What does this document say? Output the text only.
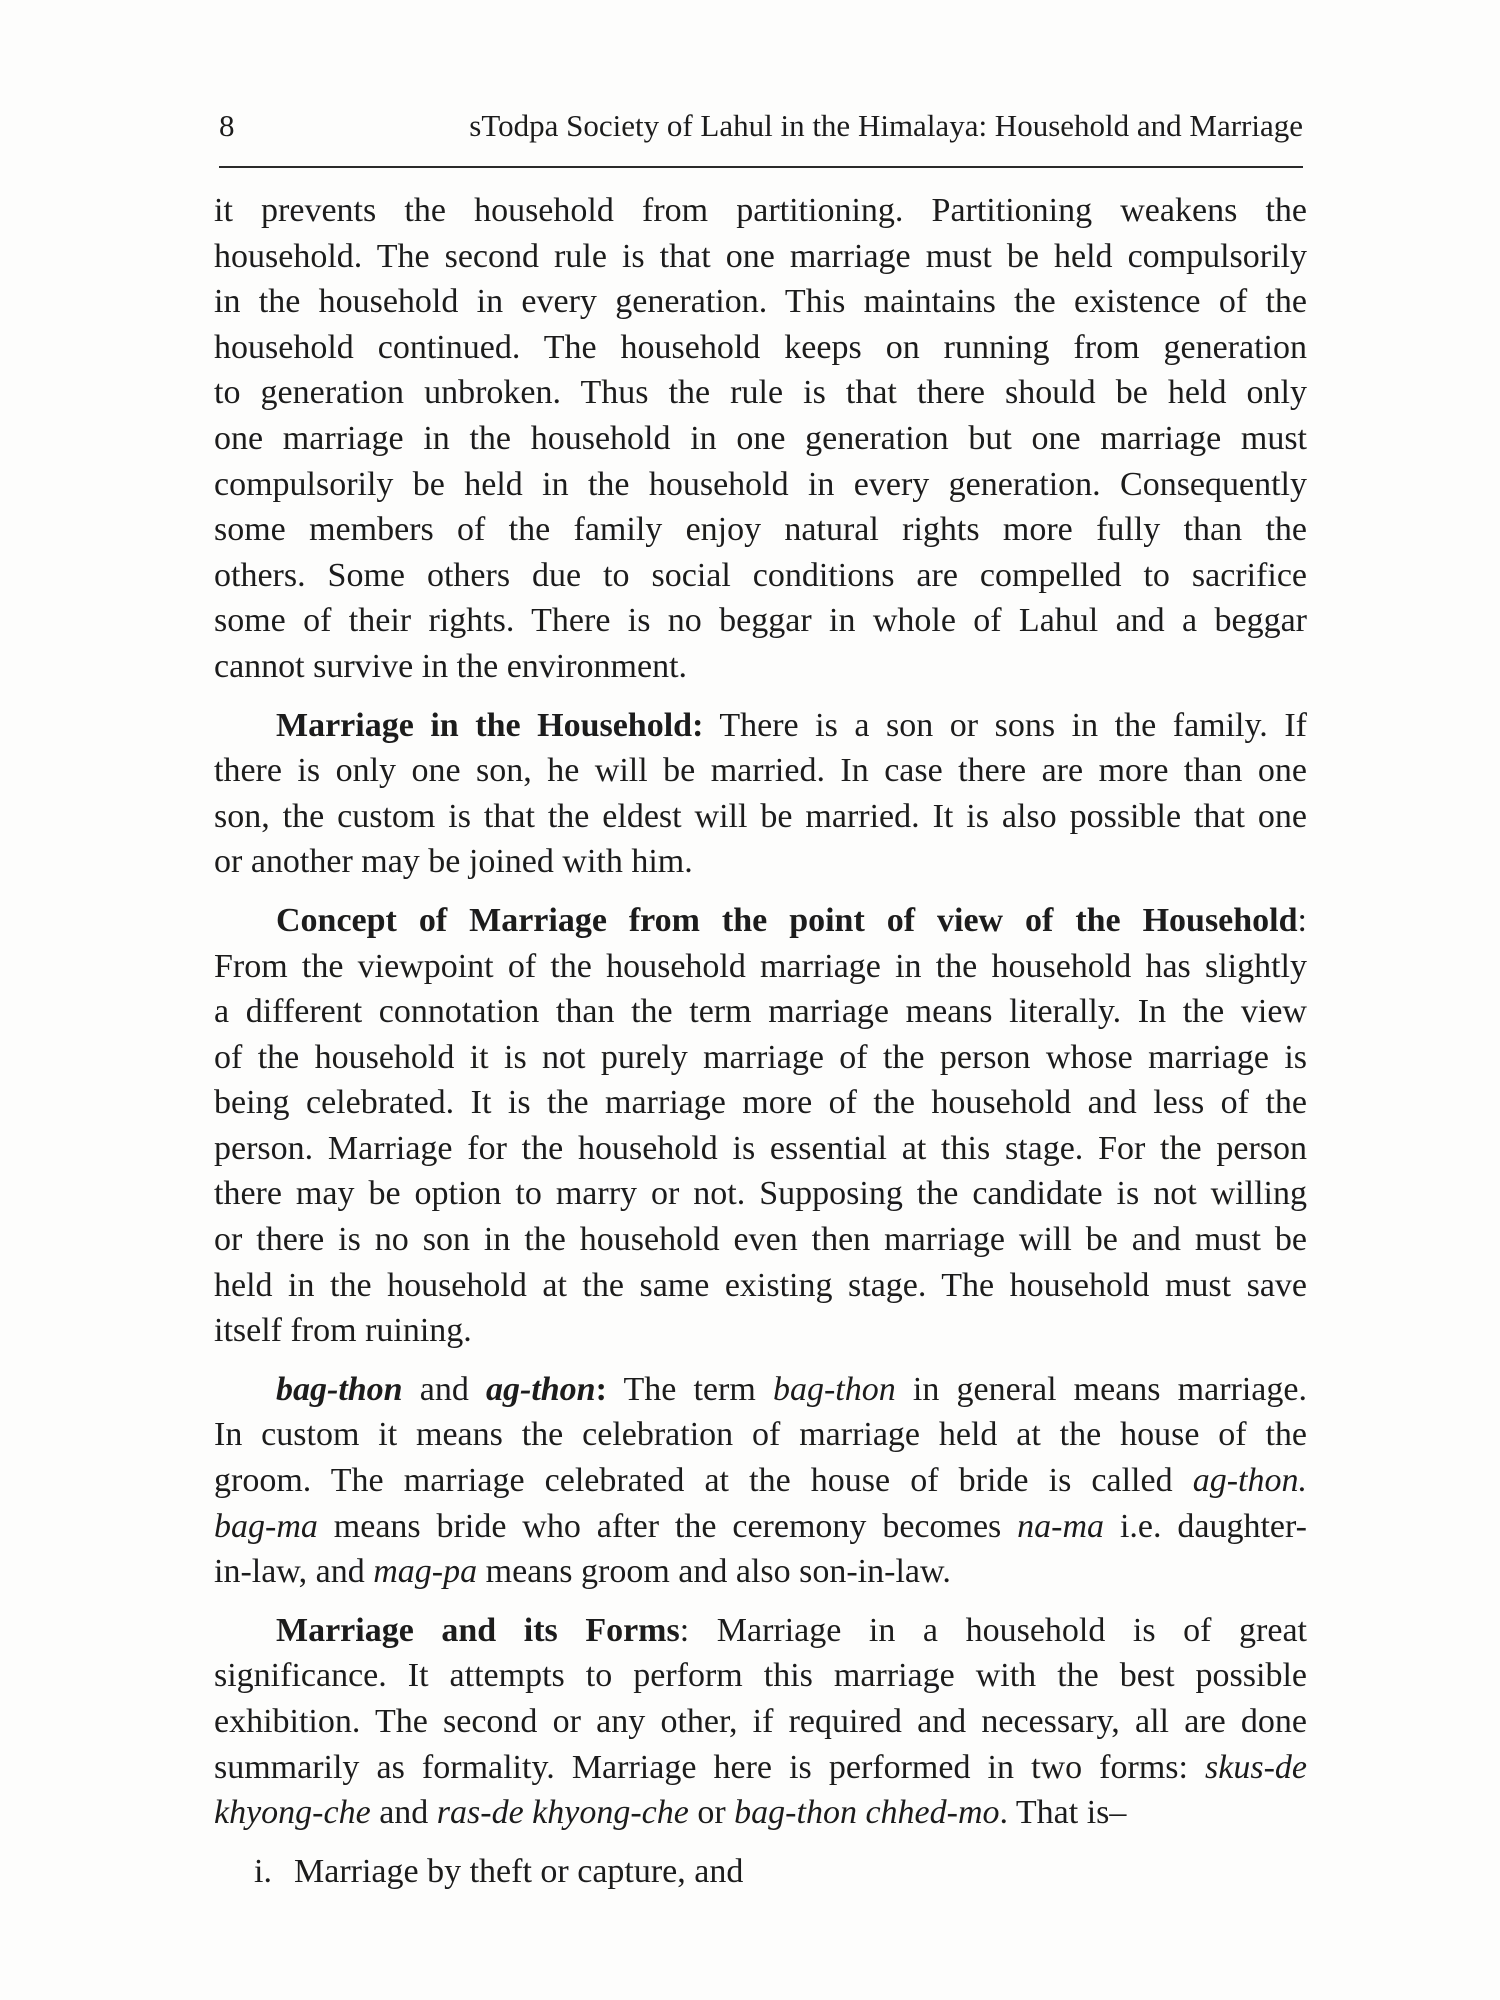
8	sTodpa Society of Lahul in the Himalaya: Household and Marriage

it prevents the household from partitioning. Partitioning weakens the
household. The second rule is that one marriage must be held compulsorily
in the household in every generation. This maintains the existence of the
household continued. The household keeps on running from generation
to generation unbroken. Thus the rule is that there should be held only
one marriage in the household in one generation but one marriage must
compulsorily be held in the household in every generation. Consequently
some members of the family enjoy natural rights more fully than the
others. Some others due to social conditions are compelled to sacrifice
some of their rights. There is no beggar in whole of Lahul and a beggar
cannot survive in the environment.

Marriage in the Household: There is a son or sons in the family. If
there is only one son, he will be married. In case there are more than one
son, the custom is that the eldest will be married. It is also possible that one
or another may be joined with him.

Concept of Marriage from the point of view of the Household:
From the viewpoint of the household marriage in the household has slightly
a different connotation than the term marriage means literally. In the view
of the household it is not purely marriage of the person whose marriage is
being celebrated. It is the marriage more of the household and less of the
person. Marriage for the household is essential at this stage. For the person
there may be option to marry or not. Supposing the candidate is not willing
or there is no son in the household even then marriage will be and must be
held in the household at the same existing stage. The household must save
itself from ruining.

bag-thon and ag-thon: The term bag-thon in general means marriage.
In custom it means the celebration of marriage held at the house of the
groom. The marriage celebrated at the house of bride is called ag-thon.
bag-ma means bride who after the ceremony becomes na-ma i.e. daughter-
in-law, and mag-pa means groom and also son-in-law.

Marriage and its Forms: Marriage in a household is of great
significance. It attempts to perform this marriage with the best possible
exhibition. The second or any other, if required and necessary, all are done
summarily as formality. Marriage here is performed in two forms: skus-de
khyong-che and ras-de khyong-che or bag-thon chhed-mo. That is–

i. Marriage by theft or capture, and
